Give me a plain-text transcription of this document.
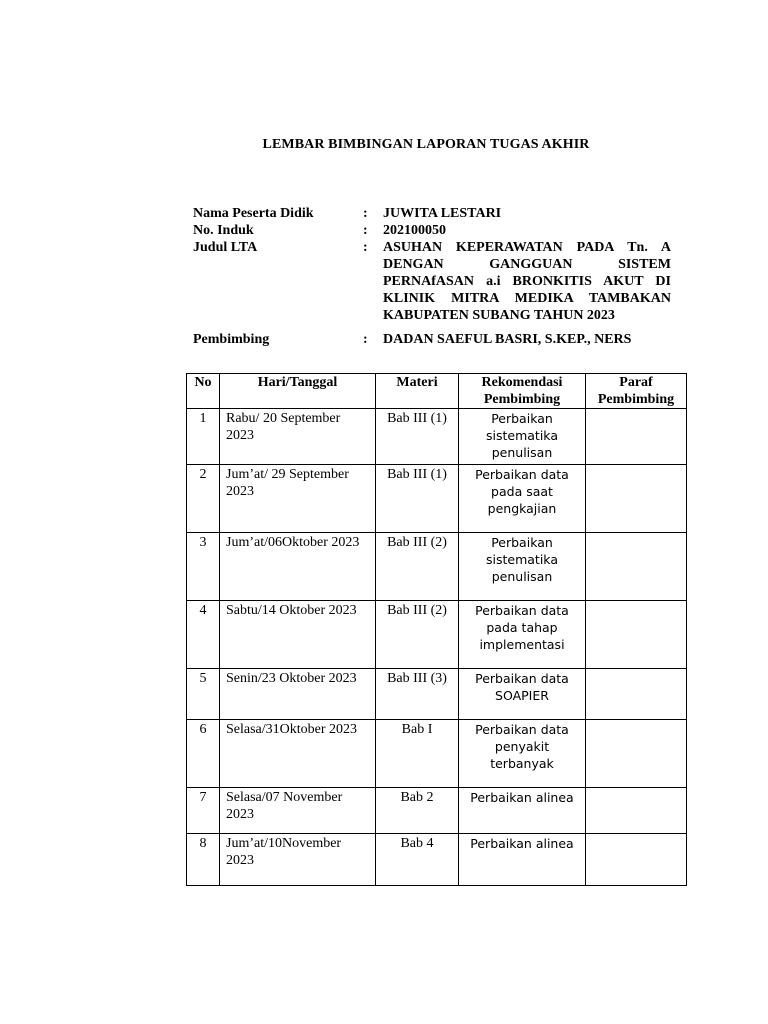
LEMBAR BIMBINGAN LAPORAN TUGAS AKHIR
Nama Peserta Didik	:	JUWITA LESTARI
No. Induk	:	202100050
Judul LTA	:	ASUHAN KEPERAWATAN PADA Tn. A DENGAN GANGGUAN SISTEM PERNAfASAN a.i BRONKITIS AKUT DI KLINIK MITRA MEDIKA TAMBAKAN KABUPATEN SUBANG TAHUN 2023
Pembimbing	:	DADAN SAEFUL BASRI, S.KEP., NERS
No	Hari/Tanggal	Materi	Rekomendasi Pembimbing	Paraf Pembimbing
1	Rabu/ 20 September 2023	Bab III (1)	Perbaikan sistematika penulisan	
2	Jum’at/ 29 September 2023	Bab III (1)	Perbaikan data pada saat pengkajian	
3	Jum’at/06Oktober 2023	Bab III (2)	Perbaikan sistematika penulisan	
4	Sabtu/14 Oktober 2023	Bab III (2)	Perbaikan data pada tahap implementasi	
5	Senin/23 Oktober 2023	Bab III (3)	Perbaikan data SOAPIER	
6	Selasa/31Oktober 2023	Bab I	Perbaikan data penyakit terbanyak	
7	Selasa/07 November 2023	Bab 2	Perbaikan alinea	
8	Jum’at/10November 2023	Bab 4	Perbaikan alinea	
